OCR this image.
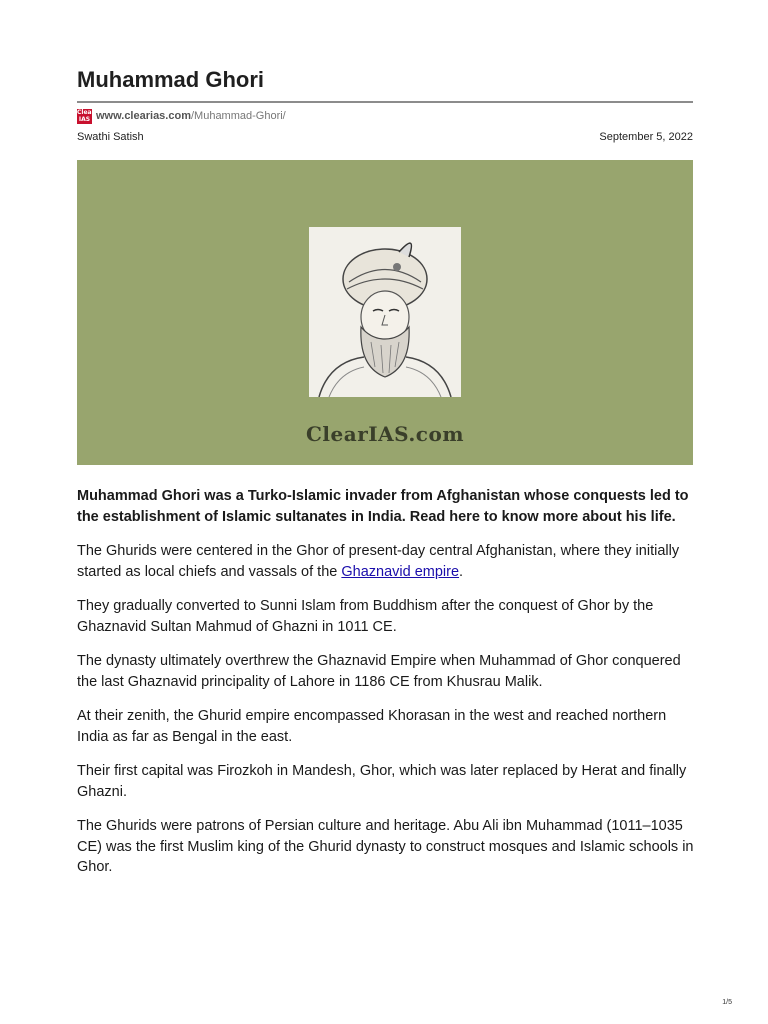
Muhammad Ghori
Clear
IAS www.clearias.com /Muhammad-Ghori/
Swathi Satish	September 5, 2022
ClearIAS.com

Muhammad Ghori was a Turko-Islamic invader from Afghanistan whose conquests led to the establishment of Islamic sultanates in India. Read here to know more about his life.

The Ghurids were centered in the Ghor of present-day central Afghanistan, where they initially started as local chiefs and vassals of the Ghaznavid empire.

They gradually converted to Sunni Islam from Buddhism after the conquest of Ghor by the Ghaznavid Sultan Mahmud of Ghazni in 1011 CE.

The dynasty ultimately overthrew the Ghaznavid Empire when Muhammad of Ghor conquered the last Ghaznavid principality of Lahore in 1186 CE from Khusrau Malik.

At their zenith, the Ghurid empire encompassed Khorasan in the west and reached northern India as far as Bengal in the east.

Their first capital was Firozkoh in Mandesh, Ghor, which was later replaced by Herat and finally Ghazni.

The Ghurids were patrons of Persian culture and heritage. Abu Ali ibn Muhammad (1011–1035 CE) was the first Muslim king of the Ghurid dynasty to construct mosques and Islamic schools in Ghor.

1/5
